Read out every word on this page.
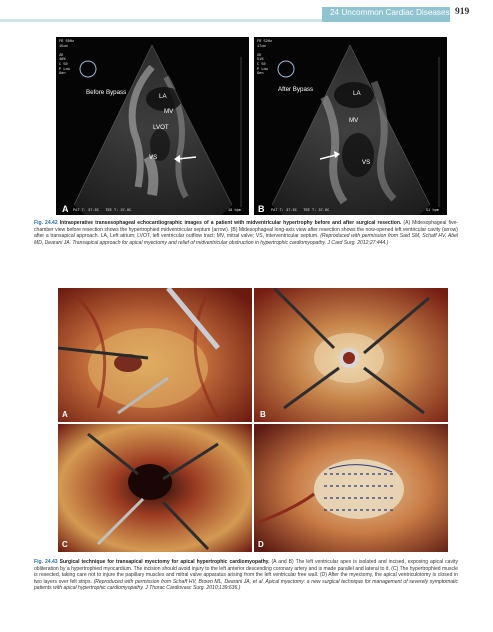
24 Uncommon Cardiac Diseases 919
FR 50Hz
15cm

2D
48%
C 50
P Low
Gen
Before Bypass
LA
MV
LVOT
VS
A PAT T: 37.0C   TEE T: 37.0C	18 bpm
FR 52Hz
17cm

2D
51%
C 50
P Low
Gen
After Bypass
LA
MV
VS
B PAT T: 37.0C   TEE T: 37.0C	51 bpm
Fig. 24.42 Intraoperative transesophageal echocardiographic images of a patient with midventricular hypertrophy before and after surgical resection. (A) Midesophageal five-chamber view before resection shows the hypertrophied midventricular septum (arrow). (B) Midesophageal long-axis view after resection shows the now-opened left ventricular cavity (arrow) after a transapical approach. LA, Left atrium; LVOT, left ventricular outflow tract; MV, mitral valve; VS, interventricular septum. (Reproduced with permission from Said SM, Schaff HV, Abel MD, Dearani JA. Transapical approach for apical myectomy and relief of midventricular obstruction in hypertrophic cardiomyopathy. J Card Surg. 2012;27:444.)
A	B
C	D
Fig. 24.43 Surgical technique for transapical myectomy for apical hypertrophic cardiomyopathy. (A and B) The left ventricular apex is isolated and incised, exposing apical cavity obliteration by a hypertrophied myocardium. The incision should avoid injury to the left anterior descending coronary artery and is made parallel and lateral to it. (C) The hypertrophied muscle is resected, taking care not to injure the papillary muscles and mitral valve apparatus arising from the left ventricular free wall. (D) After the myectomy, the apical ventriculotomy is closed in two layers over felt strips. (Reproduced with permission from Schaff HV, Brown ML, Dearani JA, et al. Apical myectomy: a new surgical technique for management of severely symptomatic patients with apical hypertrophic cardiomyopathy. J Thorac Cardiovasc Surg. 2010;139:636.)
